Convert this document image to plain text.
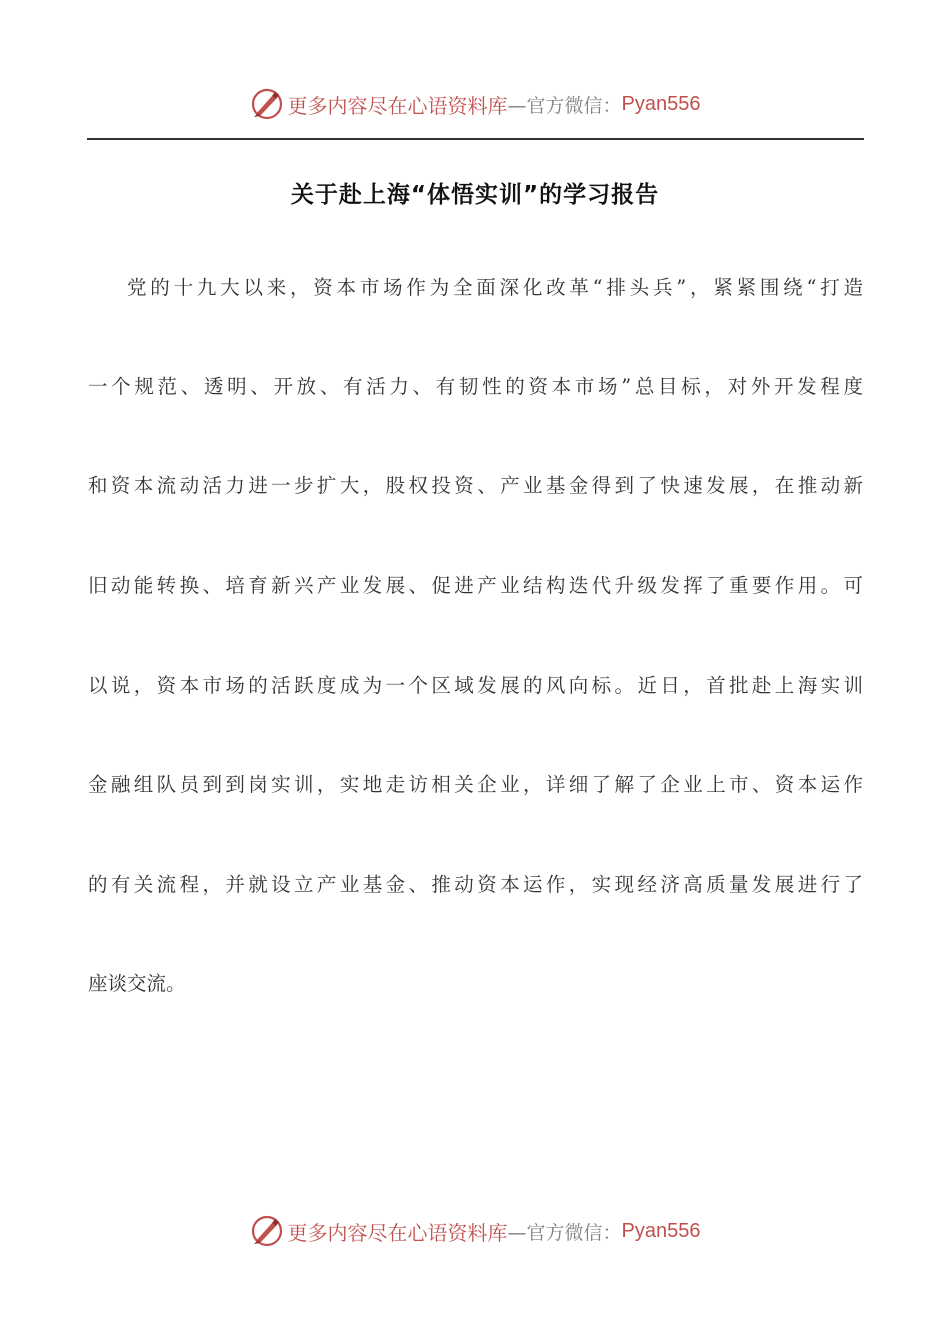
更多内容尽在心语资料库 —官方微信： Pyan556
关于赴上海“体悟实训”的学习报告
党的十九大以来，资本市场作为全面深化改革“排头兵”，紧紧围绕“打造
一个规范、透明、开放、有活力、有韧性的资本市场”总目标，对外开发程度
和资本流动活力进一步扩大，股权投资、产业基金得到了快速发展，在推动新
旧动能转换、培育新兴产业发展、促进产业结构迭代升级发挥了重要作用。可
以说，资本市场的活跃度成为一个区域发展的风向标。近日，首批赴上海实训
金融组队员到到岗实训，实地走访相关企业，详细了解了企业上市、资本运作
的有关流程，并就设立产业基金、推动资本运作，实现经济高质量发展进行了
座谈交流。
更多内容尽在心语资料库 —官方微信： Pyan556
